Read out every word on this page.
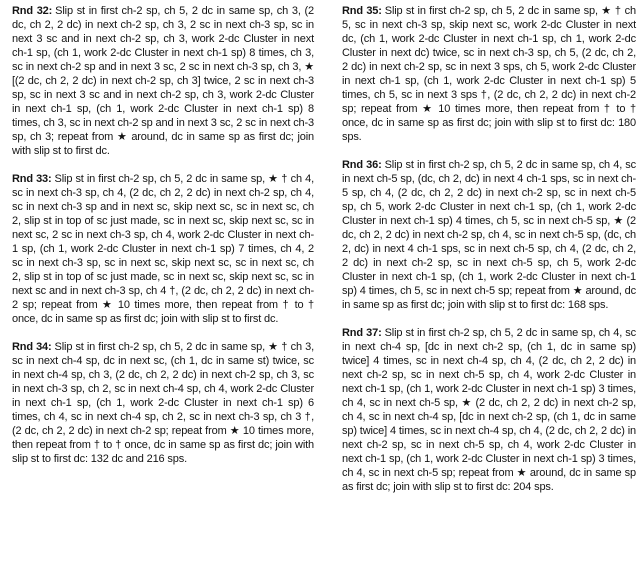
Rnd 32: Slip st in first ch-2 sp, ch 5, 2 dc in same sp, ch 3, (2 dc, ch 2, 2 dc) in next ch-2 sp, ch 3, 2 sc in next ch-3 sp, sc in next 3 sc and in next ch-2 sp, ch 3, work 2-dc Cluster in next ch-1 sp, (ch 1, work 2-dc Cluster in next ch-1 sp) 8 times, ch 3, sc in next ch-2 sp and in next 3 sc, 2 sc in next ch-3 sp, ch 3, ★ [(2 dc, ch 2, 2 dc) in next ch-2 sp, ch 3] twice, 2 sc in next ch-3 sp, sc in next 3 sc and in next ch-2 sp, ch 3, work 2-dc Cluster in next ch-1 sp, (ch 1, work 2-dc Cluster in next ch-1 sp) 8 times, ch 3, sc in next ch-2 sp and in next 3 sc, 2 sc in next ch-3 sp, ch 3; repeat from ★ around, dc in same sp as first dc; join with slip st to first dc.

Rnd 33: Slip st in first ch-2 sp, ch 5, 2 dc in same sp, ★ † ch 4, sc in next ch-3 sp, ch 4, (2 dc, ch 2, 2 dc) in next ch-2 sp, ch 4, sc in next ch-3 sp and in next sc, skip next sc, sc in next sc, ch 2, slip st in top of sc just made, sc in next sc, skip next sc, sc in next sc, 2 sc in next ch-3 sp, ch 4, work 2-dc Cluster in next ch-1 sp, (ch 1, work 2-dc Cluster in next ch-1 sp) 7 times, ch 4, 2 sc in next ch-3 sp, sc in next sc, skip next sc, sc in next sc, ch 2, slip st in top of sc just made, sc in next sc, skip next sc, sc in next sc and in next ch-3 sp, ch 4 †, (2 dc, ch 2, 2 dc) in next ch-2 sp; repeat from ★ 10 times more, then repeat from † to † once, dc in same sp as first dc; join with slip st to first dc.

Rnd 34: Slip st in first ch-2 sp, ch 5, 2 dc in same sp, ★ † ch 3, sc in next ch-4 sp, dc in next sc, (ch 1, dc in same st) twice, sc in next ch-4 sp, ch 3, (2 dc, ch 2, 2 dc) in next ch-2 sp, ch 3, sc in next ch-3 sp, ch 2, sc in next ch-4 sp, ch 4, work 2-dc Cluster in next ch-1 sp, (ch 1, work 2-dc Cluster in next ch-1 sp) 6 times, ch 4, sc in next ch-4 sp, ch 2, sc in next ch-3 sp, ch 3 †, (2 dc, ch 2, 2 dc) in next ch-2 sp; repeat from ★ 10 times more, then repeat from † to † once, dc in same sp as first dc; join with slip st to first dc: 132 dc and 216 sps.

Rnd 35: Slip st in first ch-2 sp, ch 5, 2 dc in same sp, ★ † ch 5, sc in next ch-3 sp, skip next sc, work 2-dc Cluster in next dc, (ch 1, work 2-dc Cluster in next ch-1 sp, ch 1, work 2-dc Cluster in next dc) twice, sc in next ch-3 sp, ch 5, (2 dc, ch 2, 2 dc) in next ch-2 sp, sc in next 3 sps, ch 5, work 2-dc Cluster in next ch-1 sp, (ch 1, work 2-dc Cluster in next ch-1 sp) 5 times, ch 5, sc in next 3 sps †, (2 dc, ch 2, 2 dc) in next ch-2 sp; repeat from ★ 10 times more, then repeat from † to † once, dc in same sp as first dc; join with slip st to first dc: 180 sps.

Rnd 36: Slip st in first ch-2 sp, ch 5, 2 dc in same sp, ch 4, sc in next ch-5 sp, (dc, ch 2, dc) in next 4 ch-1 sps, sc in next ch-5 sp, ch 4, (2 dc, ch 2, 2 dc) in next ch-2 sp, sc in next ch-5 sp, ch 5, work 2-dc Cluster in next ch-1 sp, (ch 1, work 2-dc Cluster in next ch-1 sp) 4 times, ch 5, sc in next ch-5 sp, ★ (2 dc, ch 2, 2 dc) in next ch-2 sp, ch 4, sc in next ch-5 sp, (dc, ch 2, dc) in next 4 ch-1 sps, sc in next ch-5 sp, ch 4, (2 dc, ch 2, 2 dc) in next ch-2 sp, sc in next ch-5 sp, ch 5, work 2-dc Cluster in next ch-1 sp, (ch 1, work 2-dc Cluster in next ch-1 sp) 4 times, ch 5, sc in next ch-5 sp; repeat from ★ around, dc in same sp as first dc; join with slip st to first dc: 168 sps.

Rnd 37: Slip st in first ch-2 sp, ch 5, 2 dc in same sp, ch 4, sc in next ch-4 sp, [dc in next ch-2 sp, (ch 1, dc in same sp) twice] 4 times, sc in next ch-4 sp, ch 4, (2 dc, ch 2, 2 dc) in next ch-2 sp, sc in next ch-5 sp, ch 4, work 2-dc Cluster in next ch-1 sp, (ch 1, work 2-dc Cluster in next ch-1 sp) 3 times, ch 4, sc in next ch-5 sp, ★ (2 dc, ch 2, 2 dc) in next ch-2 sp, ch 4, sc in next ch-4 sp, [dc in next ch-2 sp, (ch 1, dc in same sp) twice] 4 times, sc in next ch-4 sp, ch 4, (2 dc, ch 2, 2 dc) in next ch-2 sp, sc in next ch-5 sp, ch 4, work 2-dc Cluster in next ch-1 sp, (ch 1, work 2-dc Cluster in next ch-1 sp) 3 times, ch 4, sc in next ch-5 sp; repeat from ★ around, dc in same sp as first dc; join with slip st to first dc: 204 sps.
